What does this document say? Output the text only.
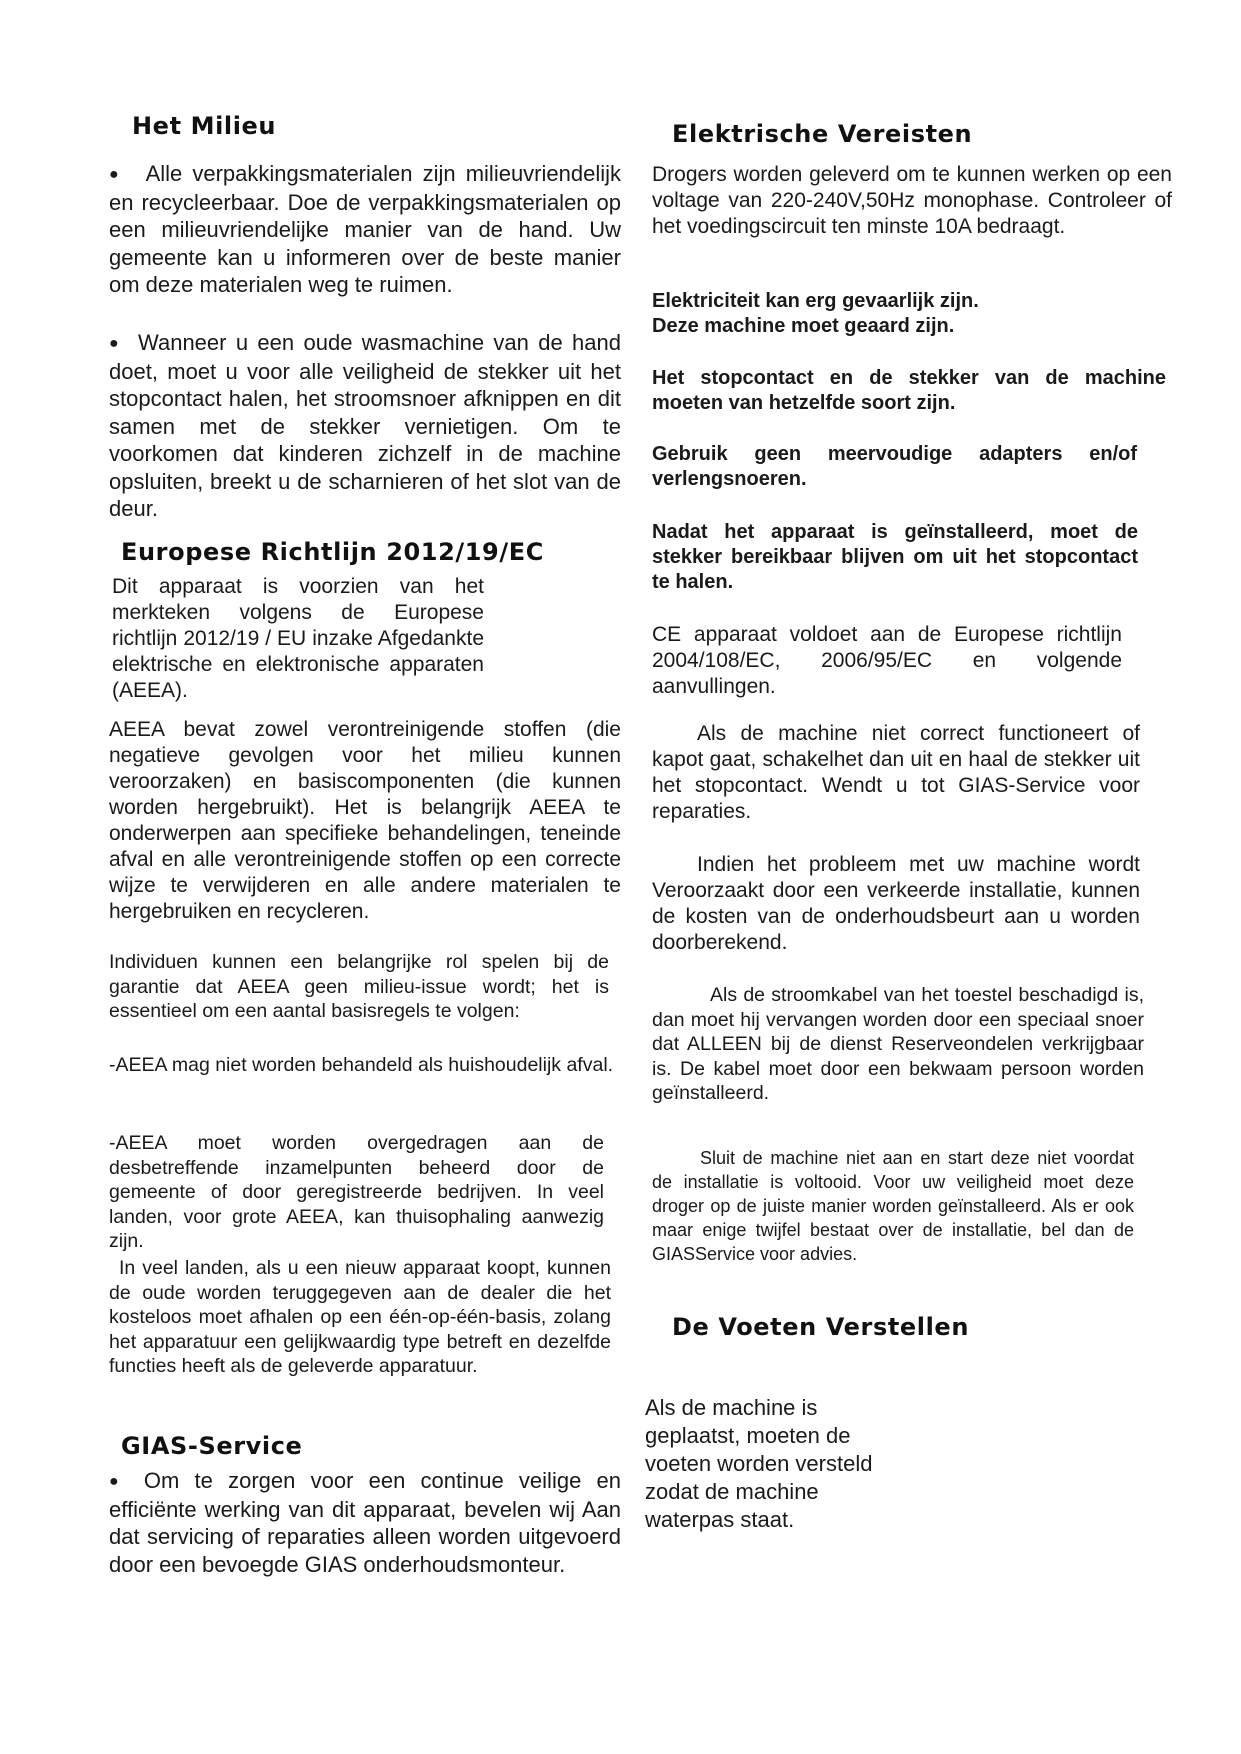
Het Milieu

● Alle verpakkingsmaterialen zijn milieuvriendelijk en recycleerbaar. Doe de verpakkingsmaterialen op een milieuvriendelijke manier van de hand. Uw gemeente kan u informeren over de beste manier om deze materialen weg te ruimen.

● Wanneer u een oude wasmachine van de hand doet, moet u voor alle veiligheid de stekker uit het stopcontact halen, het stroomsnoer afknippen en dit samen met de stekker vernietigen. Om te voorkomen dat kinderen zichzelf in de machine opsluiten, breekt u de scharnieren of het slot van de deur.

Europese Richtlijn 2012/19/EC

Dit apparaat is voorzien van het merkteken volgens de Europese richtlijn 2012/19 / EU inzake Afgedankte elektrische en elektronische apparaten (AEEA).

AEEA bevat zowel verontreinigende stoffen (die negatieve gevolgen voor het milieu kunnen veroorzaken) en basiscomponenten (die kunnen worden hergebruikt). Het is belangrijk AEEA te onderwerpen aan specifieke behandelingen, teneinde afval en alle verontreinigende stoffen op een correcte wijze te verwijderen en alle andere materialen te hergebruiken en recycleren.

Individuen kunnen een belangrijke rol spelen bij de garantie dat AEEA geen milieu-issue wordt; het is essentieel om een aantal basisregels te volgen:

-AEEA mag niet worden behandeld als huishoudelijk afval.

-AEEA moet worden overgedragen aan de desbetreffende inzamelpunten beheerd door de gemeente of door geregistreerde bedrijven. In veel landen, voor grote AEEA, kan thuisophaling aanwezig zijn.

In veel landen, als u een nieuw apparaat koopt, kunnen de oude worden teruggegeven aan de dealer die het kosteloos moet afhalen op een één-op-één-basis, zolang het apparatuur een gelijkwaardig type betreft en dezelfde functies heeft als de geleverde apparatuur.

GIAS-Service

● Om te zorgen voor een continue veilige en efficiënte werking van dit apparaat, bevelen wij Aan dat servicing of reparaties alleen worden uitgevoerd door een bevoegde GIAS onderhoudsmonteur.

Elektrische Vereisten

Drogers worden geleverd om te kunnen werken op een voltage van 220-240V,50Hz monophase. Controleer of het voedingscircuit ten minste 10A bedraagt.

Elektriciteit kan erg gevaarlijk zijn.
Deze machine moet geaard zijn.

Het stopcontact en de stekker van de machine moeten van hetzelfde soort zijn.

Gebruik geen meervoudige adapters en/of verlengsnoeren.

Nadat het apparaat is geïnstalleerd, moet de stekker bereikbaar blijven om uit het stopcontact te halen.

CE apparaat voldoet aan de Europese richtlijn 2004/108/EC, 2006/95/EC en volgende aanvullingen.

Als de machine niet correct functioneert of kapot gaat, schakelhet dan uit en haal de stekker uit het stopcontact. Wendt u tot GIAS-Service voor reparaties.

Indien het probleem met uw machine wordt Veroorzaakt door een verkeerde installatie, kunnen de kosten van de onderhoudsbeurt aan u worden doorberekend.

Als de stroomkabel van het toestel beschadigd is, dan moet hij vervangen worden door een speciaal snoer dat ALLEEN bij de dienst Reserveondelen verkrijgbaar is. De kabel moet door een bekwaam persoon worden geïnstalleerd.

Sluit de machine niet aan en start deze niet voordat de installatie is voltooid. Voor uw veiligheid moet deze droger op de juiste manier worden geïnstalleerd. Als er ook maar enige twijfel bestaat over de installatie, bel dan de GIASService voor advies.

De Voeten Verstellen

Als de machine is geplaatst, moeten de voeten worden versteld zodat de machine waterpas staat.
